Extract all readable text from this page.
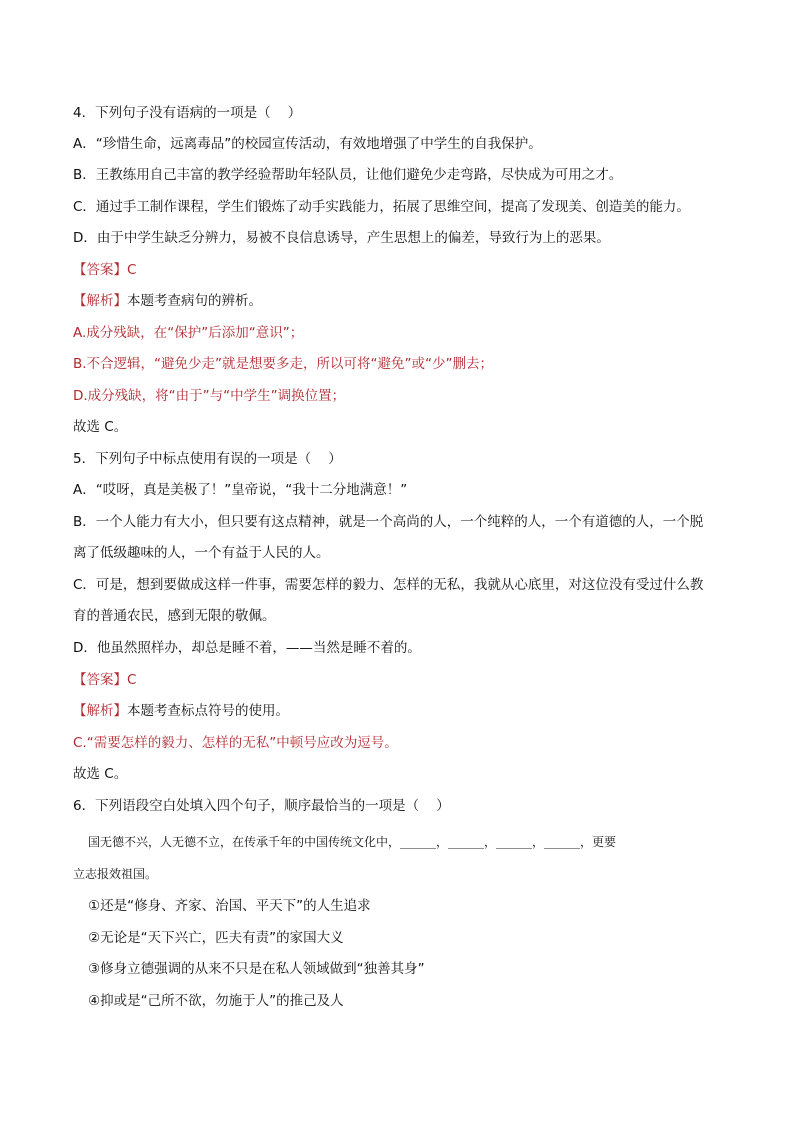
4．下列句子没有语病的一项是（    ）
A．“珍惜生命，远离毒品”的校园宣传活动，有效地增强了中学生的自我保护。
B．王教练用自己丰富的教学经验帮助年轻队员，让他们避免少走弯路，尽快成为可用之才。
C．通过手工制作课程，学生们锻炼了动手实践能力，拓展了思维空间，提高了发现美、创造美的能力。
D．由于中学生缺乏分辨力，易被不良信息诱导，产生思想上的偏差，导致行为上的恶果。
【答案】C
【解析】本题考查病句的辨析。
A.成分残缺，在“保护”后添加“意识”；
B.不合逻辑，“避免少走”就是想要多走，所以可将“避免”或“少”删去；
D.成分残缺，将“由于”与“中学生”调换位置；
故选 C。
5．下列句子中标点使用有误的一项是（    ）
A．“哎呀，真是美极了！”皇帝说，“我十二分地满意！”
B．一个人能力有大小，但只要有这点精神，就是一个高尚的人，一个纯粹的人，一个有道德的人，一个脱
离了低级趣味的人，一个有益于人民的人。
C．可是，想到要做成这样一件事，需要怎样的毅力、怎样的无私，我就从心底里，对这位没有受过什么教
育的普通农民，感到无限的敬佩。
D．他虽然照样办，却总是睡不着，——当然是睡不着的。
【答案】C
【解析】本题考查标点符号的使用。
C.“需要怎样的毅力、怎样的无私”中顿号应改为逗号。
故选 C。
6．下列语段空白处填入四个句子，顺序最恰当的一项是（    ）
国无德不兴，人无德不立，在传承千年的中国传统文化中，______，______，______，______，更要
立志报效祖国。
①还是“修身、齐家、治国、平天下”的人生追求
②无论是“天下兴亡，匹夫有责”的家国大义
③修身立德强调的从来不只是在私人领域做到“独善其身”
④抑或是“己所不欲，勿施于人”的推己及人
